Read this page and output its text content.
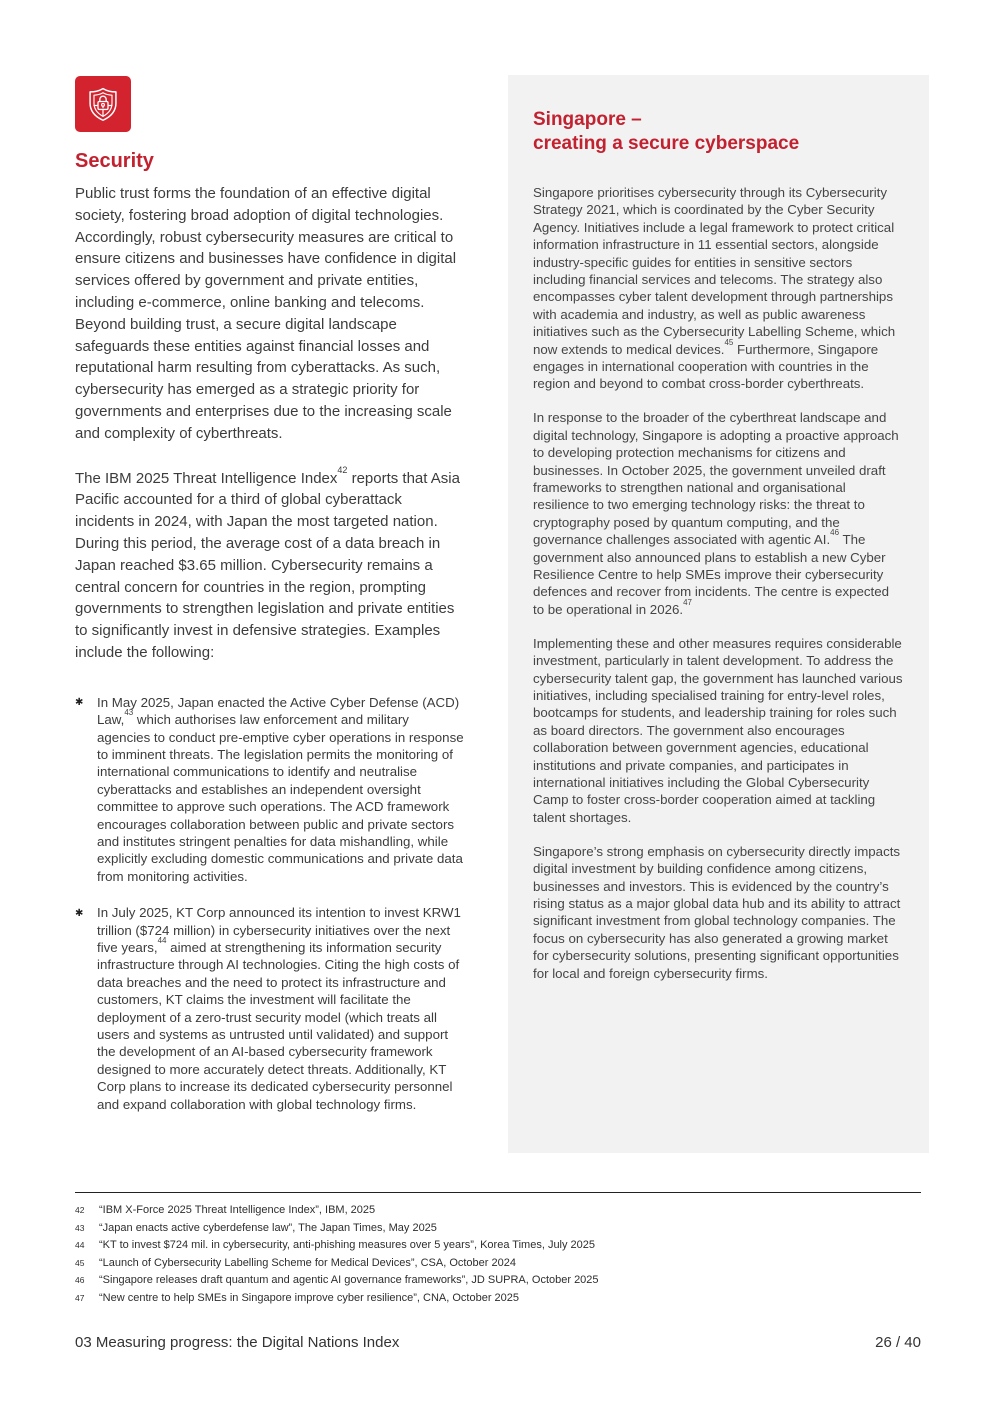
Security

Public trust forms the foundation of an effective digital society, fostering broad adoption of digital technologies. Accordingly, robust cybersecurity measures are critical to ensure citizens and businesses have confidence in digital services offered by government and private entities, including e-commerce, online banking and telecoms. Beyond building trust, a secure digital landscape safeguards these entities against financial losses and reputational harm resulting from cyberattacks. As such, cybersecurity has emerged as a strategic priority for governments and enterprises due to the increasing scale and complexity of cyberthreats.

The IBM 2025 Threat Intelligence Index$^{42}$ reports that Asia Pacific accounted for a third of global cyberattack incidents in 2024, with Japan the most targeted nation. During this period, the average cost of a data breach in Japan reached $3.65 million. Cybersecurity remains a central concern for countries in the region, prompting governments to strengthen legislation and private entities to significantly invest in defensive strategies. Examples include the following:

✱	In May 2025, Japan enacted the Active Cyber Defense (ACD) Law,$^{43}$ which authorises law enforcement and military agencies to conduct pre-emptive cyber operations in response to imminent threats. The legislation permits the monitoring of international communications to identify and neutralise cyberattacks and establishes an independent oversight committee to approve such operations. The ACD framework encourages collaboration between public and private sectors and institutes stringent penalties for data mishandling, while explicitly excluding domestic communications and private data from monitoring activities.
✱	In July 2025, KT Corp announced its intention to invest KRW1 trillion ($724 million) in cybersecurity initiatives over the next five years,$^{44}$ aimed at strengthening its information security infrastructure through AI technologies. Citing the high costs of data breaches and the need to protect its infrastructure and customers, KT claims the investment will facilitate the deployment of a zero-trust security model (which treats all users and systems as untrusted until validated) and support the development of an AI-based cybersecurity framework designed to more accurately detect threats. Additionally, KT Corp plans to increase its dedicated cybersecurity personnel and expand collaboration with global technology firms.
Singapore –
creating a secure cyberspace

Singapore prioritises cybersecurity through its Cybersecurity Strategy 2021, which is coordinated by the Cyber Security Agency. Initiatives include a legal framework to protect critical information infrastructure in 11 essential sectors, alongside industry-specific guides for entities in sensitive sectors including financial services and telecoms. The strategy also encompasses cyber talent development through partnerships with academia and industry, as well as public awareness initiatives such as the Cybersecurity Labelling Scheme, which now extends to medical devices.$^{45}$ Furthermore, Singapore engages in international cooperation with countries in the region and beyond to combat cross-border cyberthreats.

In response to the broader of the cyberthreat landscape and digital technology, Singapore is adopting a proactive approach to developing protection mechanisms for citizens and businesses. In October 2025, the government unveiled draft frameworks to strengthen national and organisational resilience to two emerging technology risks: the threat to cryptography posed by quantum computing, and the governance challenges associated with agentic AI.$^{46}$ The government also announced plans to establish a new Cyber Resilience Centre to help SMEs improve their cybersecurity defences and recover from incidents. The centre is expected to be operational in 2026.47

Implementing these and other measures requires considerable investment, particularly in talent development. To address the cybersecurity talent gap, the government has launched various initiatives, including specialised training for entry-level roles, bootcamps for students, and leadership training for roles such as board directors. The government also encourages collaboration between government agencies, educational institutions and private companies, and participates in international initiatives including the Global Cybersecurity Camp to foster cross-border cooperation aimed at tackling talent shortages.

Singapore’s strong emphasis on cybersecurity directly impacts digital investment by building confidence among citizens, businesses and investors. This is evidenced by the country’s rising status as a major global data hub and its ability to attract significant investment from global technology companies. The focus on cybersecurity has also generated a growing market for cybersecurity solutions, presenting significant opportunities for local and foreign cybersecurity firms.

42	“IBM X-Force 2025 Threat Intelligence Index”, IBM, 2025
43	“Japan enacts active cyberdefense law”, The Japan Times, May 2025
44	“KT to invest $724 mil. in cybersecurity, anti-phishing measures over 5 years”, Korea Times, July 2025
45	“Launch of Cybersecurity Labelling Scheme for Medical Devices”, CSA, October 2024
46	“Singapore releases draft quantum and agentic AI governance frameworks”, JD SUPRA, October 2025
47	“New centre to help SMEs in Singapore improve cyber resilience”, CNA, October 2025
03 Measuring progress: the Digital Nations Index	26 / 40
